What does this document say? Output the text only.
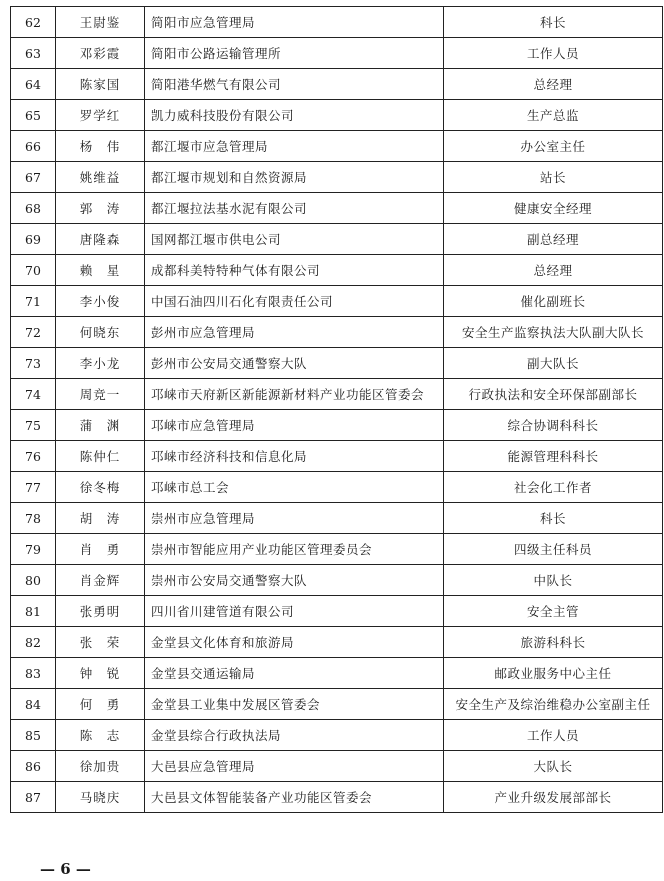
62	王尉鉴	简阳市应急管理局	科长
63	邓彩霞	简阳市公路运输管理所	工作人员
64	陈家国	简阳港华燃气有限公司	总经理
65	罗学红	凯力威科技股份有限公司	生产总监
66	杨　伟	都江堰市应急管理局	办公室主任
67	姚维益	都江堰市规划和自然资源局	站长
68	郭　涛	都江堰拉法基水泥有限公司	健康安全经理
69	唐隆森	国网都江堰市供电公司	副总经理
70	赖　星	成都科美特特种气体有限公司	总经理
71	李小俊	中国石油四川石化有限责任公司	催化副班长
72	何晓东	彭州市应急管理局	安全生产监察执法大队副大队长
73	李小龙	彭州市公安局交通警察大队	副大队长
74	周竞一	邛崃市天府新区新能源新材料产业功能区管委会	行政执法和安全环保部副部长
75	蒲　渊	邛崃市应急管理局	综合协调科科长
76	陈仲仁	邛崃市经济科技和信息化局	能源管理科科长
77	徐冬梅	邛崃市总工会	社会化工作者
78	胡　涛	崇州市应急管理局	科长
79	肖　勇	崇州市智能应用产业功能区管理委员会	四级主任科员
80	肖金辉	崇州市公安局交通警察大队	中队长
81	张勇明	四川省川建管道有限公司	安全主管
82	张　荣	金堂县文化体育和旅游局	旅游科科长
83	钟　锐	金堂县交通运输局	邮政业服务中心主任
84	何　勇	金堂县工业集中发展区管委会	安全生产及综治维稳办公室副主任
85	陈　志	金堂县综合行政执法局	工作人员
86	徐加贵	大邑县应急管理局	大队长
87	马晓庆	大邑县文体智能装备产业功能区管委会	产业升级发展部部长
— 6 —
